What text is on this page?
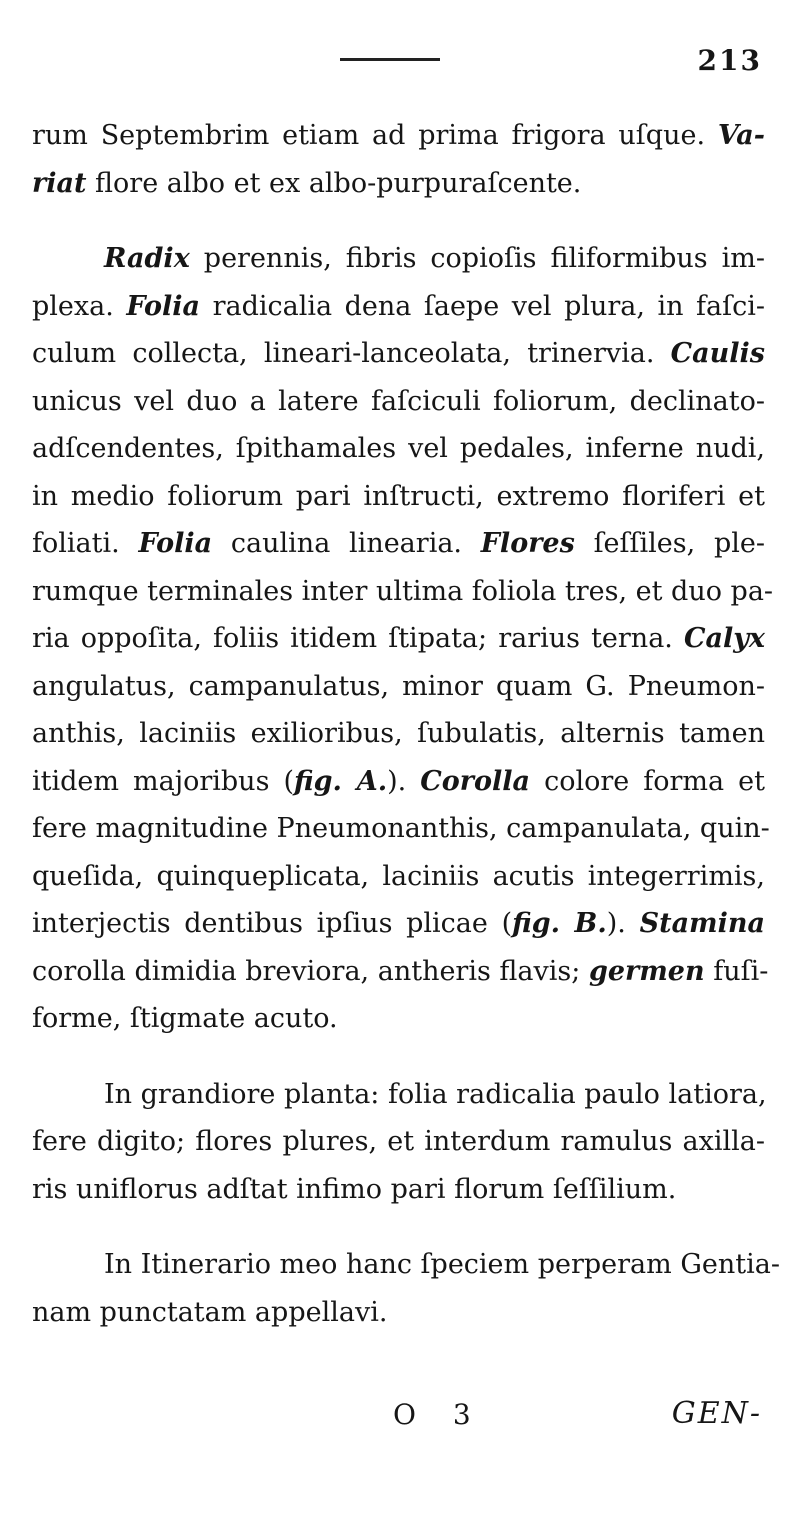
213
rum Septembrim etiam ad prima frigora uſque. Va-
riat flore albo et ex albo-purpuraſcente.
Radix perennis, fibris copioſis filiformibus im-
plexa. Folia radicalia dena ſaepe vel plura, in faſci-
culum collecta, lineari-lanceolata, trinervia. Caulis
unicus vel duo a latere faſciculi foliorum, declinato-
adſcendentes, ſpithamales vel pedales, inferne nudi,
in medio foliorum pari inſtructi, extremo floriferi et
foliati. Folia caulina linearia. Flores ſeſſiles, ple-
rumque terminales inter ultima foliola tres, et duo pa-
ria oppoſita, foliis itidem ſtipata; rarius terna. Calyx
angulatus, campanulatus, minor quam G. Pneumon-
anthis, laciniis exilioribus, ſubulatis, alternis tamen
itidem majoribus (fig. A.). Corolla colore forma et
fere magnitudine Pneumonanthis, campanulata, quin-
queſida, quinqueplicata, laciniis acutis integerrimis,
interjectis dentibus ipſius plicae (fig. B.). Stamina
corolla dimidia breviora, antheris flavis; germen fuſi-
forme, ſtigmate acuto.
In grandiore planta: folia radicalia paulo latiora,
fere digito; flores plures, et interdum ramulus axilla-
ris uniflorus adſtat infimo pari florum ſeſſilium.
In Itinerario meo hanc ſpeciem perperam Gentia-
nam punctatam appellavi.
O 3	GEN-
